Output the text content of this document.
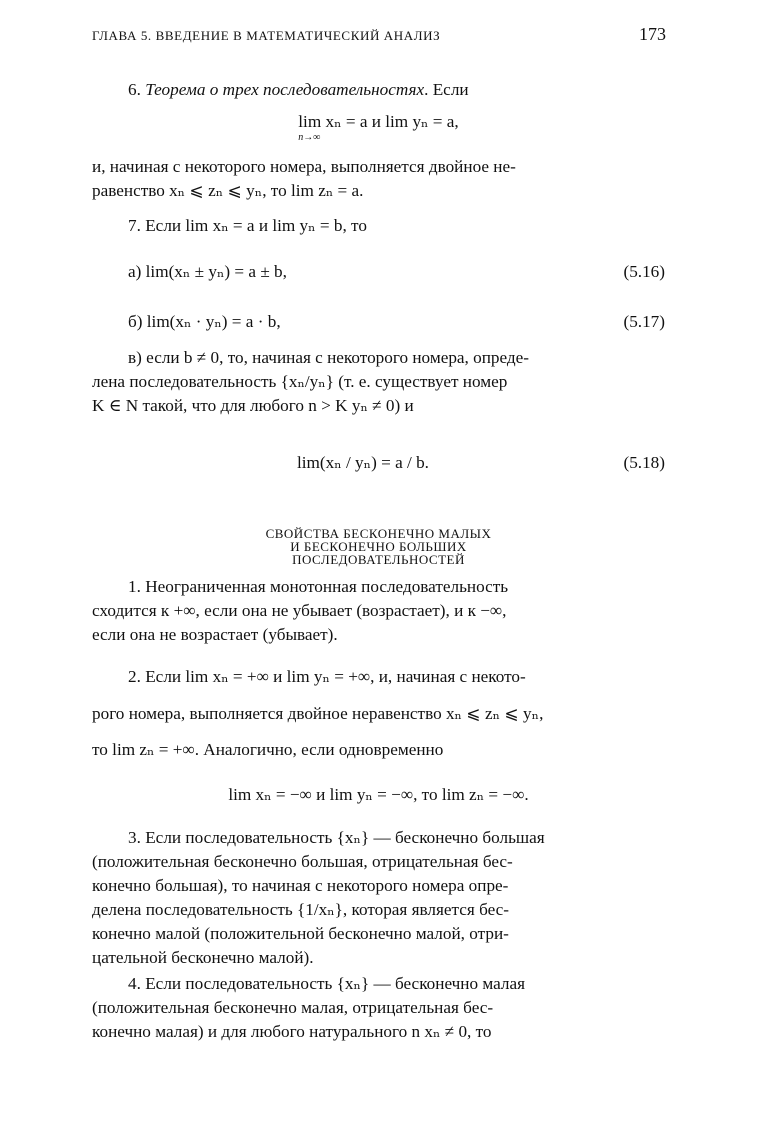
ГЛАВА 5. ВВЕДЕНИЕ В МАТЕМАТИЧЕСКИЙ АНАЛИЗ	173

6. Теорема о трех последовательностях. Если

lim xₙ = a и lim yₙ = a,
n→∞

и, начиная с некоторого номера, выполняется двойное не-

равенство xₙ ⩽ zₙ ⩽ yₙ, то lim zₙ = a.

7. Если lim xₙ = a и lim yₙ = b, то

а) lim(xₙ ± yₙ) = a ± b,	(5.16)
б) lim(xₙ · yₙ) = a · b,	(5.17)

в) если b ≠ 0, то, начиная с некоторого номера, опреде-

лена последовательность {xₙ/yₙ} (т. е. существует номер

K ∈ N такой, что для любого n > K yₙ ≠ 0) и

lim(xₙ / yₙ) = a / b.	(5.18)
СВОЙСТВА БЕСКОНЕЧНО МАЛЫХ
И БЕСКОНЕЧНО БОЛЬШИХ
ПОСЛЕДОВАТЕЛЬНОСТЕЙ

1. Неограниченная монотонная последовательность

сходится к +∞, если она не убывает (возрастает), и к −∞,

если она не возрастает (убывает).

2. Если lim xₙ = +∞ и lim yₙ = +∞, и, начиная с некото-

рого номера, выполняется двойное неравенство xₙ ⩽ zₙ ⩽ yₙ,

то lim zₙ = +∞. Аналогично, если одновременно

lim xₙ = −∞ и lim yₙ = −∞, то lim zₙ = −∞.

3. Если последовательность {xₙ} — бесконечно большая

(положительная бесконечно большая, отрицательная бес-

конечно большая), то начиная с некоторого номера опре-

делена последовательность {1/xₙ}, которая является бес-

конечно малой (положительной бесконечно малой, отри-

цательной бесконечно малой).

4. Если последовательность {xₙ} — бесконечно малая

(положительная бесконечно малая, отрицательная бес-

конечно малая) и для любого натурального n xₙ ≠ 0, то
